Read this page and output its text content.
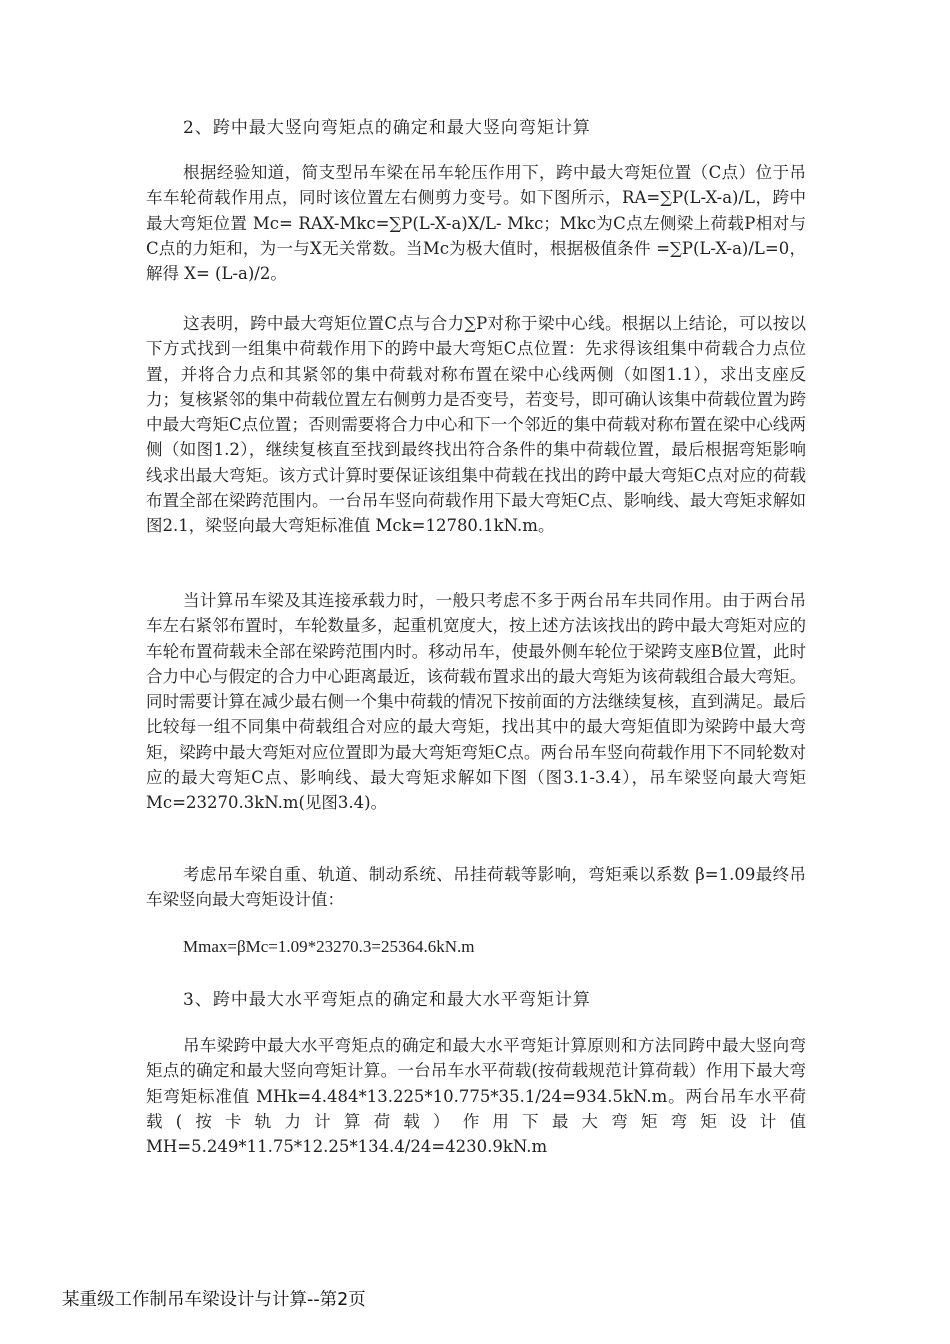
2、跨中最大竖向弯矩点的确定和最大竖向弯矩计算

根据经验知道，简支型吊车梁在吊车轮压作用下，跨中最大弯矩位置（C点）位于吊车车轮荷载作用点，同时该位置左右侧剪力变号。如下图所示，RA=∑P(L-X-a)/L，跨中最大弯矩位置 Mc= RAX-Mkc=∑P(L-X-a)X/L- Mkc；Mkc为C点左侧梁上荷载P相对与C点的力矩和，为一与X无关常数。当Mc为极大值时，根据极值条件 =∑P(L-X-a)/L=0，解得 X= (L-a)/2。

这表明，跨中最大弯矩位置C点与合力∑P对称于梁中心线。根据以上结论，可以按以下方式找到一组集中荷载作用下的跨中最大弯矩C点位置：先求得该组集中荷载合力点位置，并将合力点和其紧邻的集中荷载对称布置在梁中心线两侧（如图1.1），求出支座反力；复核紧邻的集中荷载位置左右侧剪力是否变号，若变号，即可确认该集中荷载位置为跨中最大弯矩C点位置；否则需要将合力中心和下一个邻近的集中荷载对称布置在梁中心线两侧（如图1.2），继续复核直至找到最终找出符合条件的集中荷载位置，最后根据弯矩影响线求出最大弯矩。该方式计算时要保证该组集中荷载在找出的跨中最大弯矩C点对应的荷载布置全部在梁跨范围内。一台吊车竖向荷载作用下最大弯矩C点、影响线、最大弯矩求解如图2.1，梁竖向最大弯矩标准值 Mck=12780.1kN.m。

当计算吊车梁及其连接承载力时，一般只考虑不多于两台吊车共同作用。由于两台吊车左右紧邻布置时，车轮数量多，起重机宽度大，按上述方法该找出的跨中最大弯矩对应的车轮布置荷载未全部在梁跨范围内时。移动吊车，使最外侧车轮位于梁跨支座B位置，此时合力中心与假定的合力中心距离最近，该荷载布置求出的最大弯矩为该荷载组合最大弯矩。同时需要计算在减少最右侧一个集中荷载的情况下按前面的方法继续复核，直到满足。最后比较每一组不同集中荷载组合对应的最大弯矩，找出其中的最大弯矩值即为梁跨中最大弯矩，梁跨中最大弯矩对应位置即为最大弯矩弯矩C点。两台吊车竖向荷载作用下不同轮数对应的最大弯矩C点、影响线、最大弯矩求解如下图（图3.1-3.4），吊车梁竖向最大弯矩 Mc=23270.3kN.m(见图3.4)。

考虑吊车梁自重、轨道、制动系统、吊挂荷载等影响，弯矩乘以系数 β=1.09最终吊车梁竖向最大弯矩设计值：

Mmax=βMc=1.09*23270.3=25364.6kN.m
3、跨中最大水平弯矩点的确定和最大水平弯矩计算

吊车梁跨中最大水平弯矩点的确定和最大水平弯矩计算原则和方法同跨中最大竖向弯矩点的确定和最大竖向弯矩计算。一台吊车水平荷载(按荷载规范计算荷载）作用下最大弯矩弯矩标准值 MHk=4.484*13.225*10.775*35.1/24=934.5kN.m。两台吊车水平荷载(按卡轨力计算荷载）作用下最大弯矩弯矩设计值 MH=5.249*11.75*12.25*134.4/24=4230.9kN.m

某重级工作制吊车梁设计与计算--第2页
